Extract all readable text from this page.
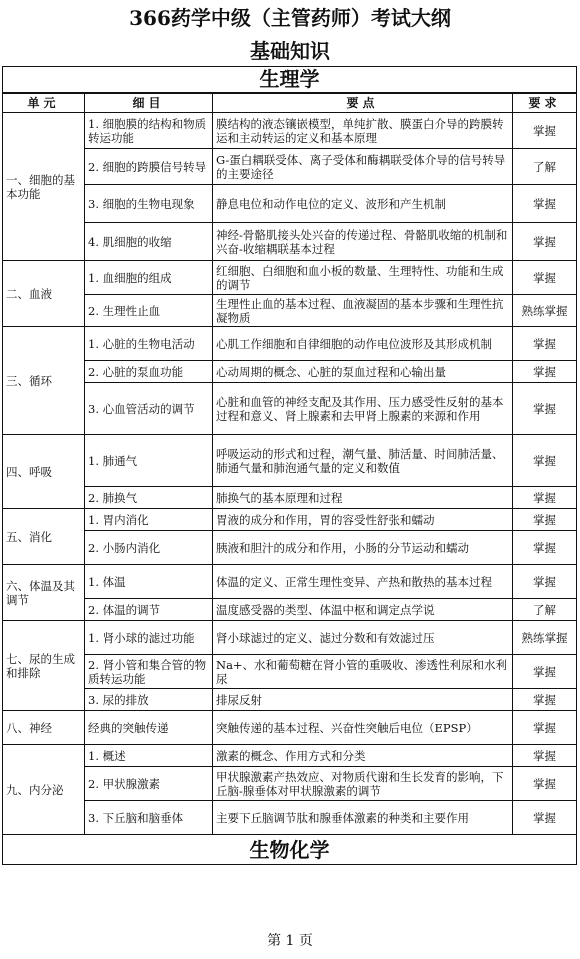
366药学中级（主管药师）考试大纲
基础知识
生理学			
单元	细目	要点	要求
一、细胞的基本功能	1. 细胞膜的结构和物质转运功能	膜结构的液态镶嵌模型，单纯扩散、膜蛋白介导的跨膜转运和主动转运的定义和基本原理	掌握
	2. 细胞的跨膜信号转导	G-蛋白耦联受体、离子受体和酶耦联受体介导的信号转导的主要途径	了解
	3. 细胞的生物电现象	静息电位和动作电位的定义、波形和产生机制	掌握
	4. 肌细胞的收缩	神经-骨骼肌接头处兴奋的传递过程、骨骼肌收缩的机制和兴奋-收缩耦联基本过程	掌握
二、血液	1. 血细胞的组成	红细胞、白细胞和血小板的数量、生理特性、功能和生成的调节	掌握
	2. 生理性止血	生理性止血的基本过程、血液凝固的基本步骤和生理性抗凝物质	熟练掌握
三、循环	1. 心脏的生物电活动	心肌工作细胞和自律细胞的动作电位波形及其形成机制	掌握
	2. 心脏的泵血功能	心动周期的概念、心脏的泵血过程和心输出量	掌握
	3. 心血管活动的调节	心脏和血管的神经支配及其作用、压力感受性反射的基本过程和意义、肾上腺素和去甲肾上腺素的来源和作用	掌握
四、呼吸	1. 肺通气	呼吸运动的形式和过程，潮气量、肺活量、时间肺活量、肺通气量和肺泡通气量的定义和数值	掌握
	2. 肺换气	肺换气的基本原理和过程	掌握
五、消化	1. 胃内消化	胃液的成分和作用，胃的容受性舒张和蠕动	掌握
	2. 小肠内消化	胰液和胆汁的成分和作用，小肠的分节运动和蠕动	掌握
六、体温及其调节	1. 体温	体温的定义、正常生理性变异、产热和散热的基本过程	掌握
	2. 体温的调节	温度感受器的类型、体温中枢和调定点学说	了解
七、尿的生成和排除	1. 肾小球的滤过功能	肾小球滤过的定义、滤过分数和有效滤过压	熟练掌握
	2. 肾小管和集合管的物质转运功能	Na+、水和葡萄糖在肾小管的重吸收、渗透性利尿和水利尿	掌握
	3. 尿的排放	排尿反射	掌握
八、神经	经典的突触传递	突触传递的基本过程、兴奋性突触后电位（EPSP）	掌握
九、内分泌	1. 概述	激素的概念、作用方式和分类	掌握
	2. 甲状腺激素	甲状腺激素产热效应、对物质代谢和生长发育的影响，下丘脑-腺垂体对甲状腺激素的调节	掌握
	3. 下丘脑和脑垂体	主要下丘脑调节肽和腺垂体激素的种类和主要作用	掌握
生物化学			
第 1 页
